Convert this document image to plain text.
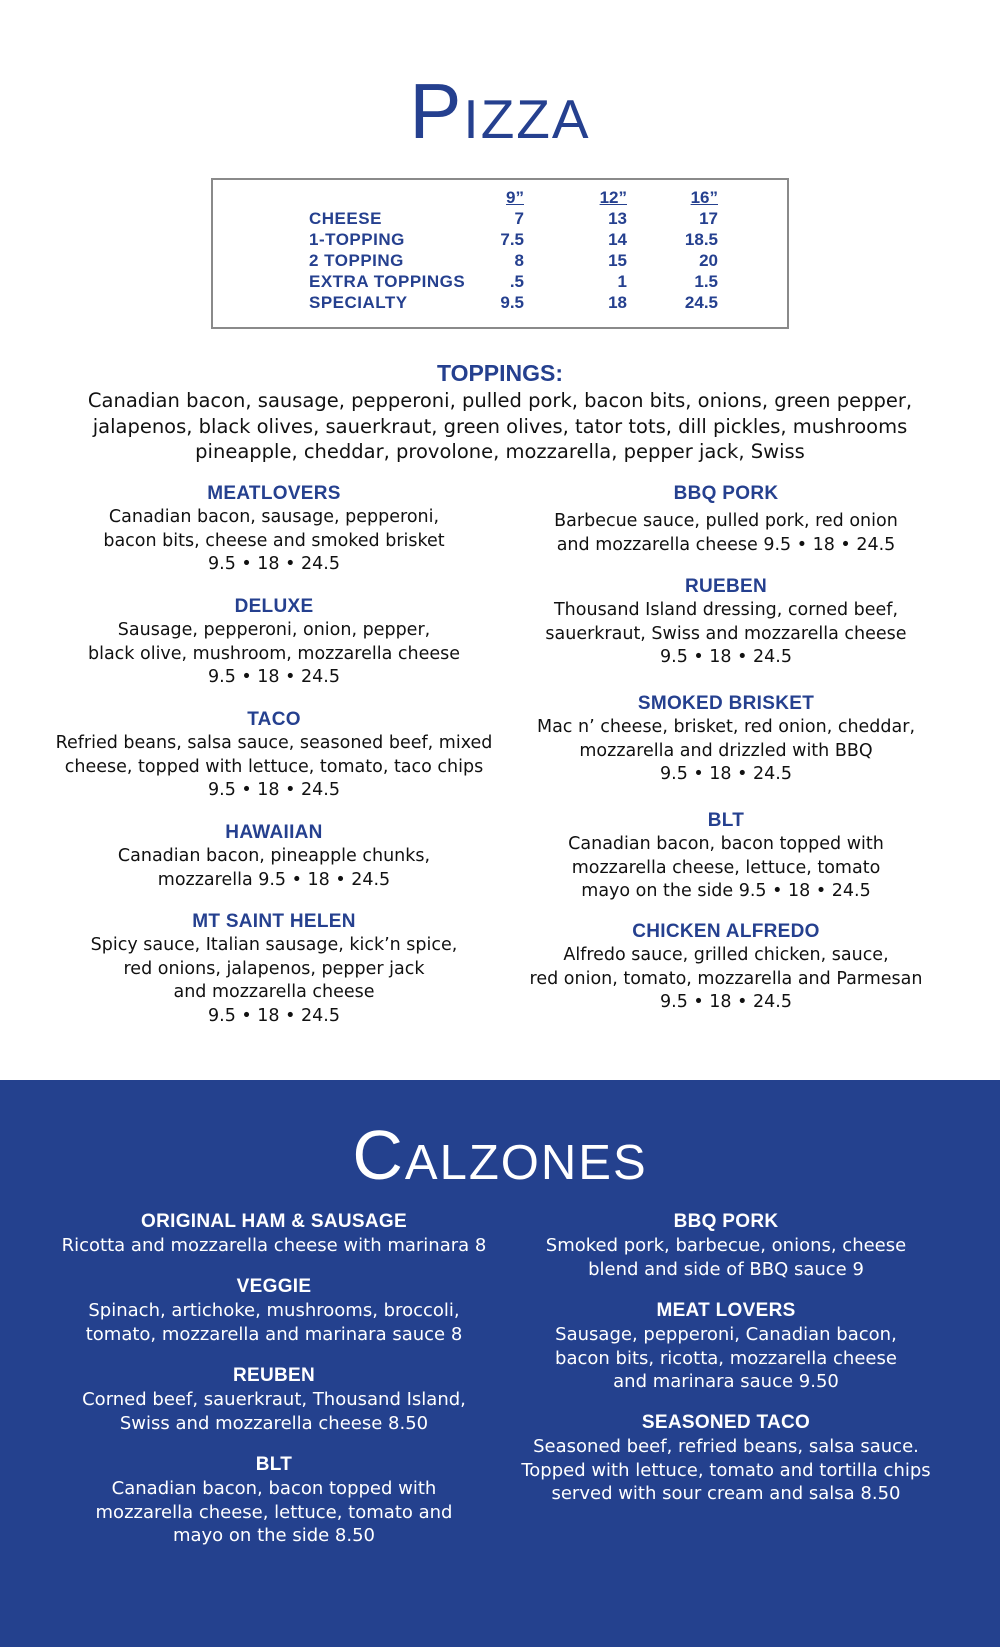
Pizza
9”	12”	16”
CHEESE	7	13	17
1-TOPPING	7.5	14	18.5
2 TOPPING	8	15	20
EXTRA TOPPINGS	.5	1	1.5
SPECIALTY	9.5	18	24.5
TOPPINGS:

Canadian bacon, sausage, pepperoni, pulled pork, bacon bits, onions, green pepper, jalapenos, black olives, sauerkraut, green olives, tator tots, dill pickles, mushrooms pineapple, cheddar, provolone, mozzarella, pepper jack, Swiss

MEATLOVERS
Canadian bacon, sausage, pepperoni,
bacon bits, cheese and smoked brisket
9.5 • 18 • 24.5
DELUXE
Sausage, pepperoni, onion, pepper,
black olive, mushroom, mozzarella cheese
9.5 • 18 • 24.5
TACO
Refried beans, salsa sauce, seasoned beef, mixed
cheese, topped with lettuce, tomato, taco chips
9.5 • 18 • 24.5
HAWAIIAN
Canadian bacon, pineapple chunks,
mozzarella 9.5 • 18 • 24.5
MT SAINT HELEN
Spicy sauce, Italian sausage, kick’n spice,
red onions, jalapenos, pepper jack
and mozzarella cheese
9.5 • 18 • 24.5
BBQ PORK
Barbecue sauce, pulled pork, red onion
and mozzarella cheese 9.5 • 18 • 24.5
RUEBEN
Thousand Island dressing, corned beef,
sauerkraut, Swiss and mozzarella cheese
9.5 • 18 • 24.5
SMOKED BRISKET
Mac n’ cheese, brisket, red onion, cheddar,
mozzarella and drizzled with BBQ
9.5 • 18 • 24.5
BLT
Canadian bacon, bacon topped with
mozzarella cheese, lettuce, tomato
mayo on the side 9.5 • 18 • 24.5
CHICKEN ALFREDO
Alfredo sauce, grilled chicken, sauce,
red onion, tomato, mozzarella and Parmesan
9.5 • 18 • 24.5
Calzones
ORIGINAL HAM & SAUSAGE
Ricotta and mozzarella cheese with marinara 8
VEGGIE
Spinach, artichoke, mushrooms, broccoli,
tomato, mozzarella and marinara sauce 8
REUBEN
Corned beef, sauerkraut, Thousand Island,
Swiss and mozzarella cheese 8.50
BLT
Canadian bacon, bacon topped with
mozzarella cheese, lettuce, tomato and
mayo on the side 8.50
BBQ PORK
Smoked pork, barbecue, onions, cheese
blend and side of BBQ sauce 9
MEAT LOVERS
Sausage, pepperoni, Canadian bacon,
bacon bits, ricotta, mozzarella cheese
and marinara sauce 9.50
SEASONED TACO
Seasoned beef, refried beans, salsa sauce.
Topped with lettuce, tomato and tortilla chips
served with sour cream and salsa 8.50
